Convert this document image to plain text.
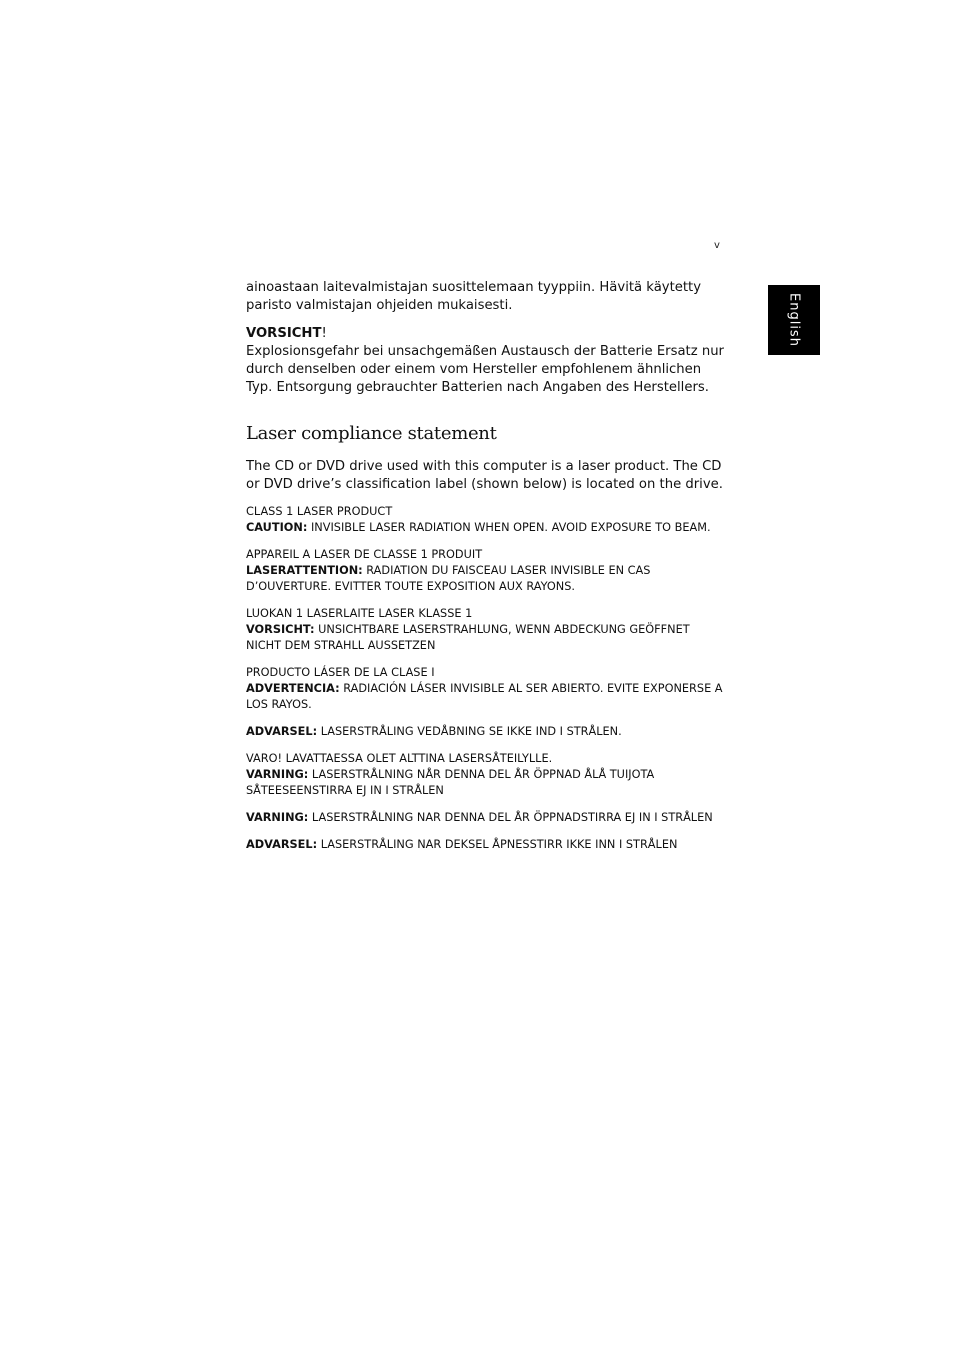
v
English

ainoastaan laitevalmistajan suosittelemaan tyyppiin. Hävitä käytetty paristo valmistajan ohjeiden mukaisesti.

VORSICHT!
Explosionsgefahr bei unsachgemäßen Austausch der Batterie Ersatz nur durch denselben oder einem vom Hersteller empfohlenem ähnlichen Typ. Entsorgung gebrauchter Batterien nach Angaben des Herstellers.

Laser compliance statement

The CD or DVD drive used with this computer is a laser product. The CD or DVD drive’s classification label (shown below) is located on the drive.

CLASS 1 LASER PRODUCT
CAUTION: INVISIBLE LASER RADIATION WHEN OPEN. AVOID EXPOSURE TO BEAM.

APPAREIL A LASER DE CLASSE 1 PRODUIT
LASERATTENTION: RADIATION DU FAISCEAU LASER INVISIBLE EN CAS D’OUVERTURE. EVITTER TOUTE EXPOSITION AUX RAYONS.

LUOKAN 1 LASERLAITE LASER KLASSE 1
VORSICHT: UNSICHTBARE LASERSTRAHLUNG, WENN ABDECKUNG GEÖFFNET NICHT DEM STRAHLL AUSSETZEN

PRODUCTO LÁSER DE LA CLASE I
ADVERTENCIA: RADIACIÓN LÁSER INVISIBLE AL SER ABIERTO. EVITE EXPONERSE A LOS RAYOS.

ADVARSEL: LASERSTRÅLING VEDÅBNING SE IKKE IND I STRÅLEN.

VARO! LAVATTAESSA OLET ALTTINA LASERSÅTEILYLLE.
VARNING: LASERSTRÅLNING NÅR DENNA DEL ÅR ÖPPNAD ÅLÅ TUIJOTA SÅTEESEENSTIRRA EJ IN I STRÅLEN

VARNING: LASERSTRÅLNING NAR DENNA DEL ÅR ÖPPNADSTIRRA EJ IN I STRÅLEN

ADVARSEL: LASERSTRÅLING NAR DEKSEL ÅPNESSTIRR IKKE INN I STRÅLEN
